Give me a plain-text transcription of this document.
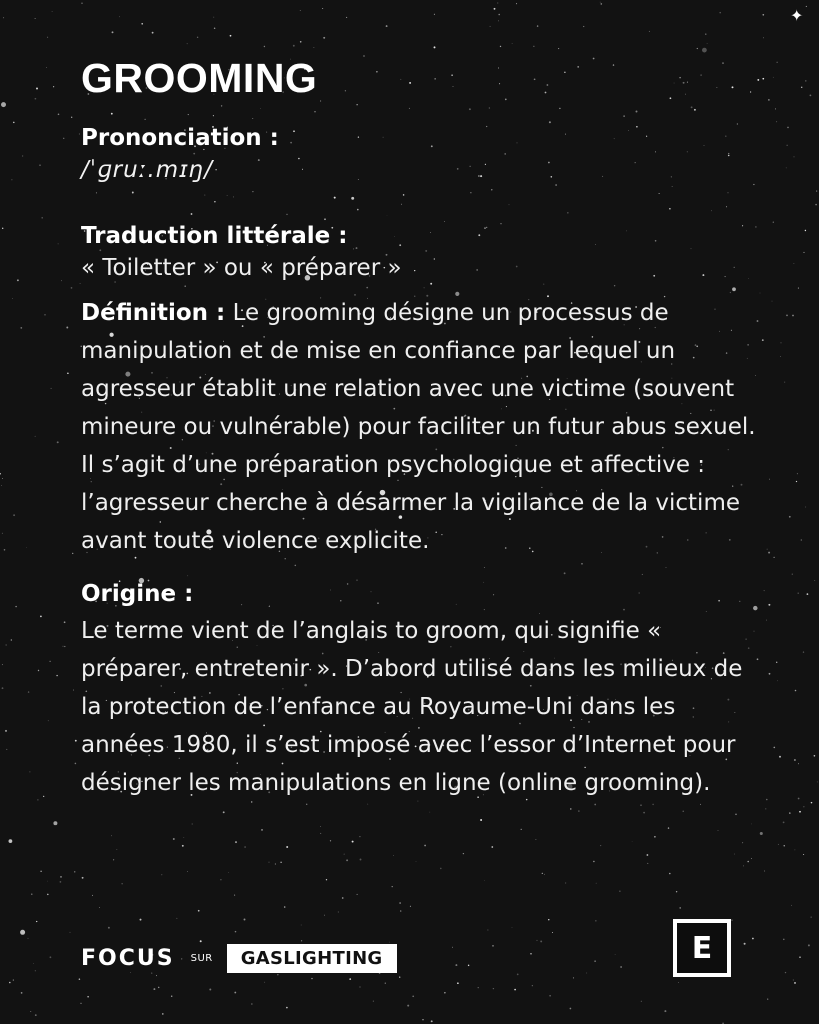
✦
GROOMING
Prononciation :
/ˈɡruː.mɪŋ/
Traduction littérale :
« Toiletter » ou « préparer »
Définition : Le grooming désigne un processus de manipulation et de mise en confiance par lequel un agresseur établit une relation avec une victime (souvent mineure ou vulnérable) pour faciliter un futur abus sexuel. Il s’agit d’une préparation psychologique et affective : l’agresseur cherche à désarmer la vigilance de la victime avant toute violence explicite.
Origine :
Le terme vient de l’anglais to groom, qui signifie « préparer, entretenir ». D’abord utilisé dans les milieux de la protection de l’enfance au Royaume-Uni dans les années 1980, il s’est imposé avec l’essor d’Internet pour désigner les manipulations en ligne (online grooming).
FOCUS SUR	GASLIGHTING	E
